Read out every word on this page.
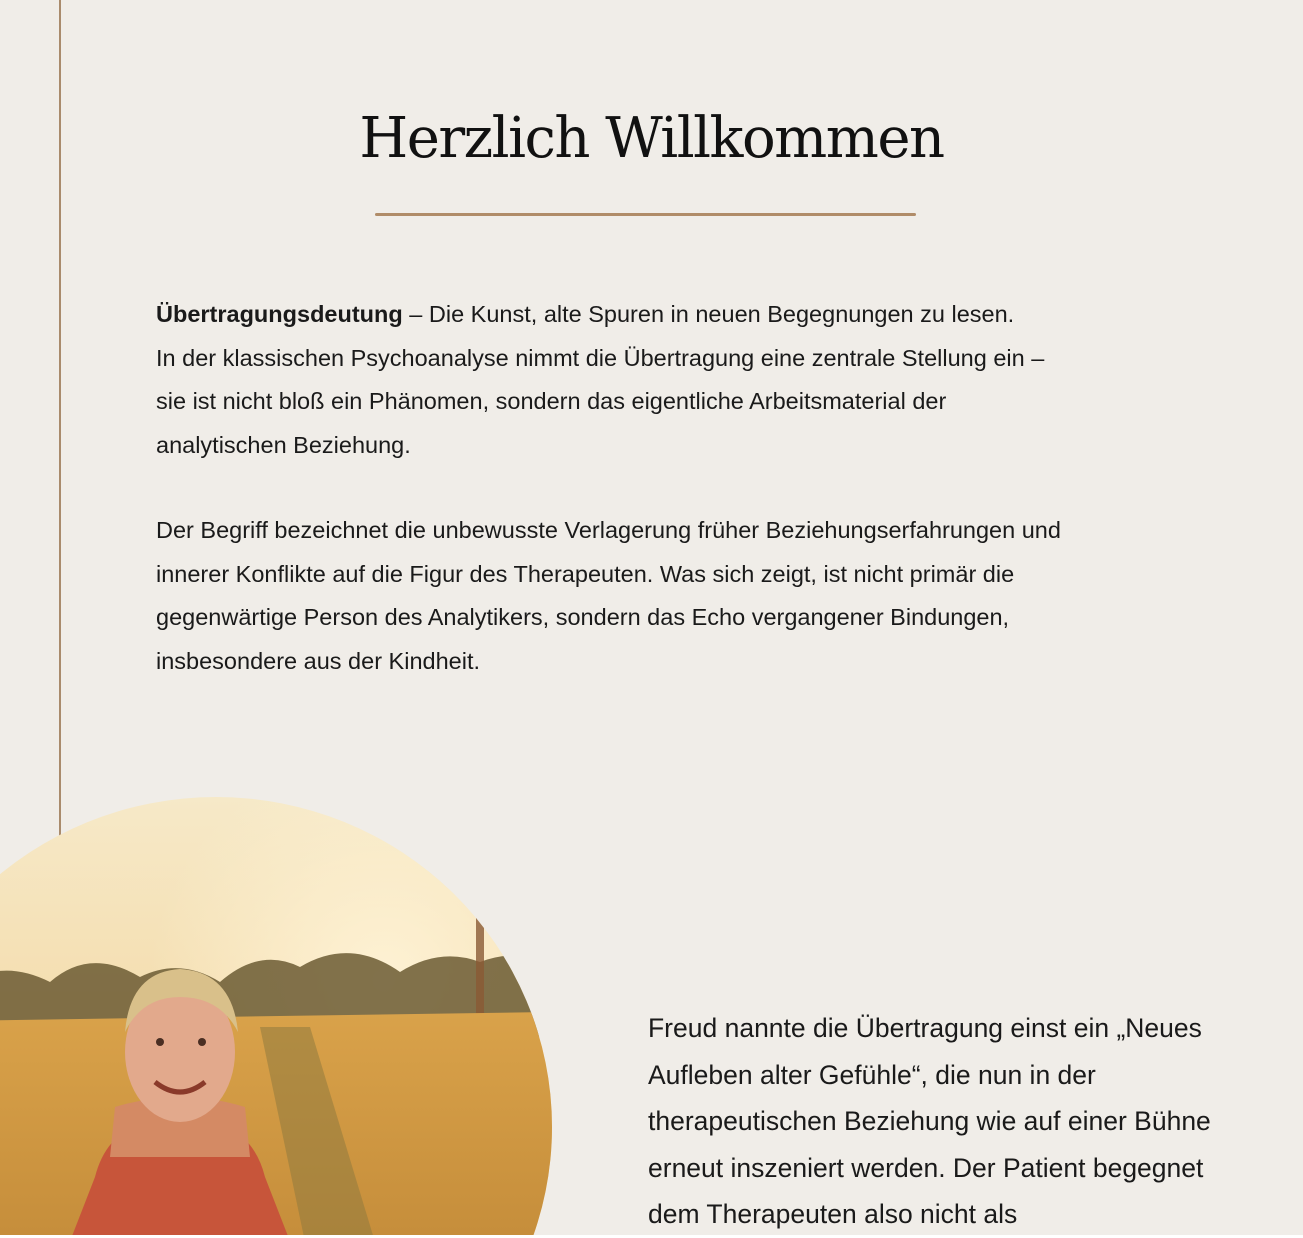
Herzlich Willkommen

Übertragungsdeutung – Die Kunst, alte Spuren in neuen Begegnungen zu lesen.
In der klassischen Psychoanalyse nimmt die Übertragung eine zentrale Stellung ein –
sie ist nicht bloß ein Phänomen, sondern das eigentliche Arbeitsmaterial der
analytischen Beziehung.

Der Begriff bezeichnet die unbewusste Verlagerung früher Beziehungserfahrungen und
innerer Konflikte auf die Figur des Therapeuten. Was sich zeigt, ist nicht primär die
gegenwärtige Person des Analytikers, sondern das Echo vergangener Bindungen,
insbesondere aus der Kindheit.

Freud nannte die Übertragung einst ein „Neues
Aufleben alter Gefühle“, die nun in der
therapeutischen Beziehung wie auf einer Bühne
erneut inszeniert werden. Der Patient begegnet
dem Therapeuten also nicht als
